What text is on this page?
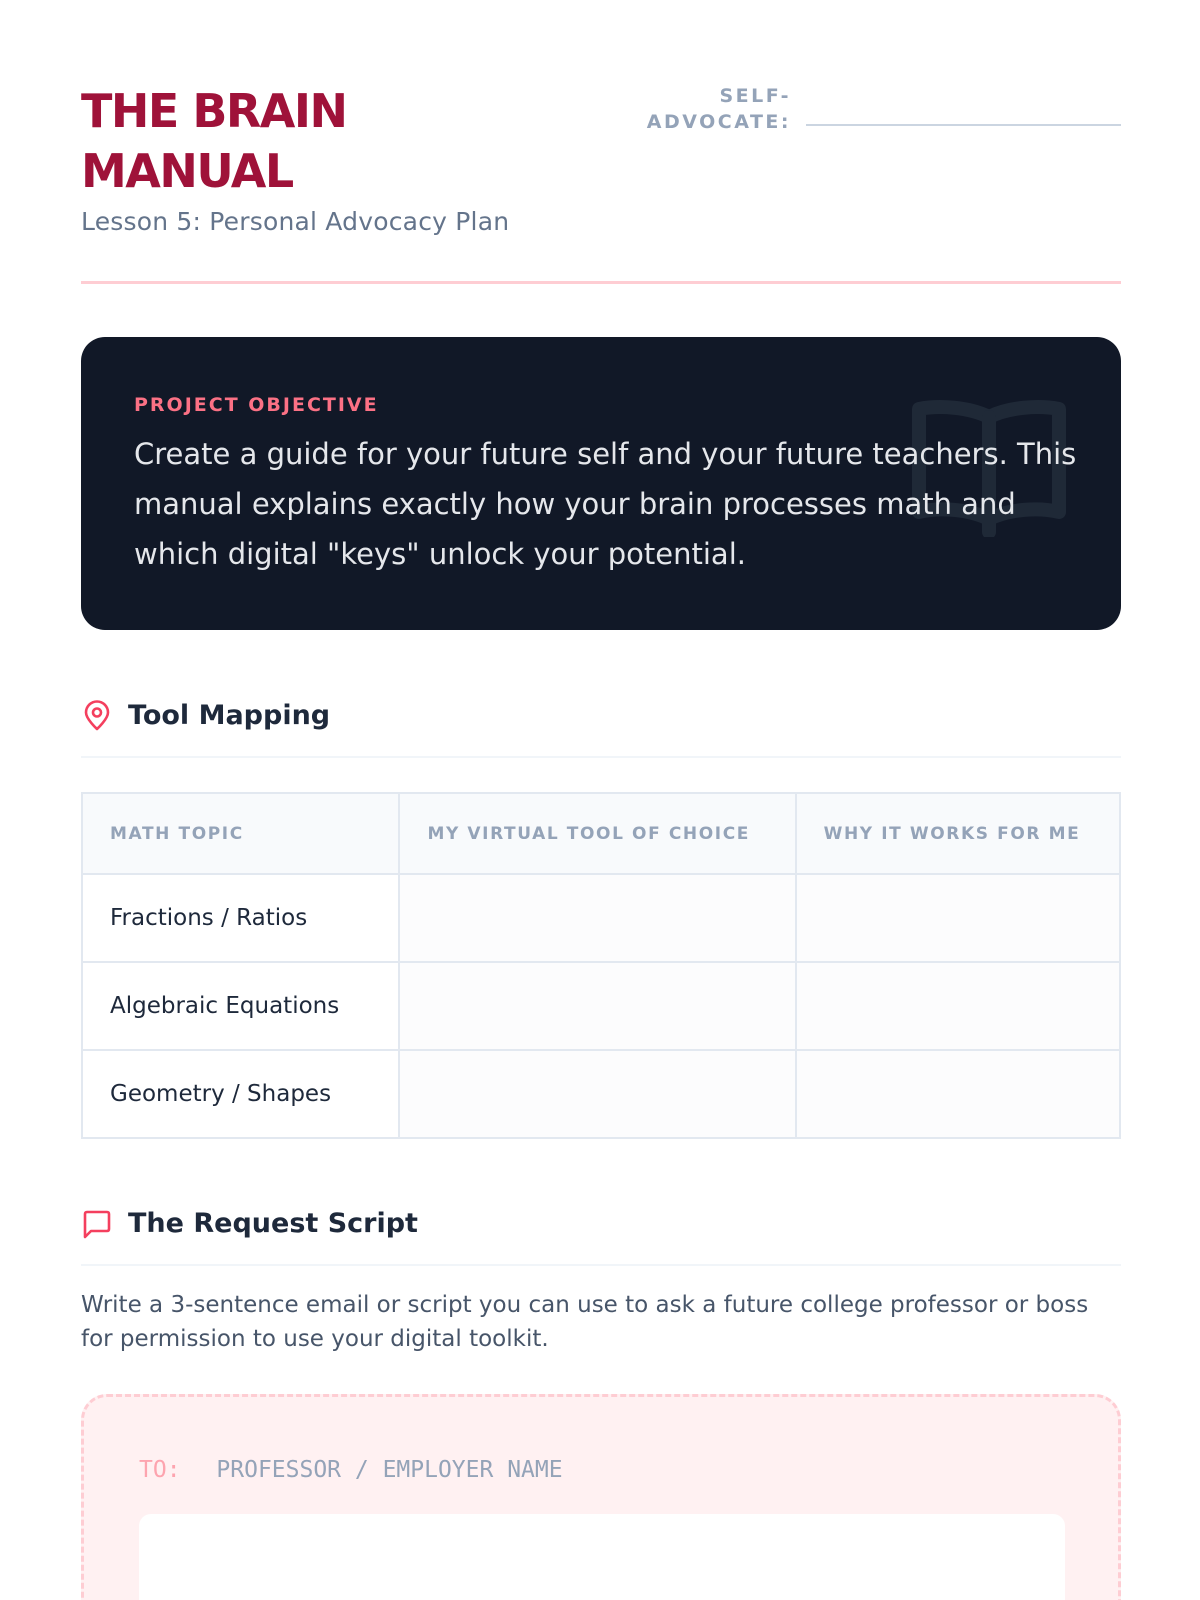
THE BRAIN
MANUAL
Lesson 5: Personal Advocacy Plan
SELF-
ADVOCATE:
PROJECT OBJECTIVE
Create a guide for your future self and your future teachers. This manual explains exactly how your brain processes math and which digital "keys" unlock your potential.
Tool Mapping
MATH TOPIC	MY VIRTUAL TOOL OF CHOICE	WHY IT WORKS FOR ME
Fractions / Ratios		
Algebraic Equations		
Geometry / Shapes		
The Request Script
Write a 3-sentence email or script you can use to ask a future college professor or boss for permission to use your digital toolkit.
TO: PROFESSOR / EMPLOYER NAME
